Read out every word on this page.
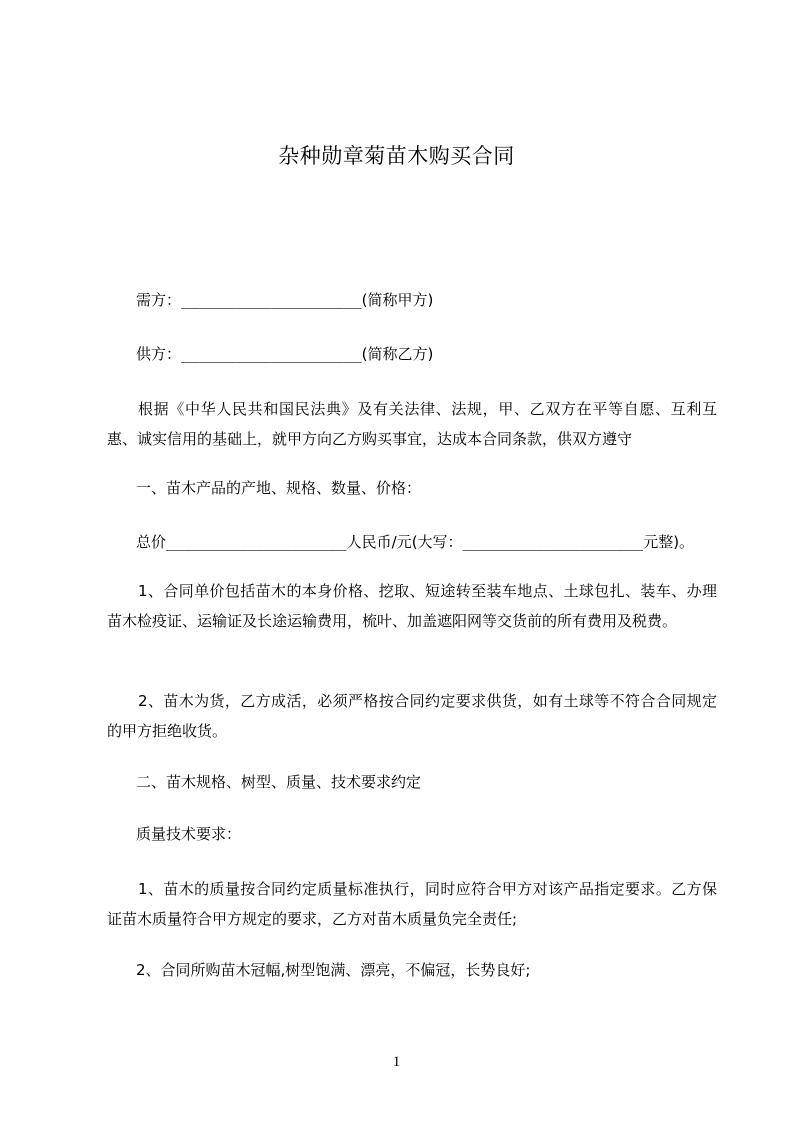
杂种勋章菊苗木购买合同
需方：____________________(简称甲方)
供方：____________________(简称乙方)
根据《中华人民共和国民法典》及有关法律、法规，甲、乙双方在平等自愿、互利互惠、诚实信用的基础上，就甲方向乙方购买事宜，达成本合同条款，供双方遵守
一、苗木产品的产地、规格、数量、价格：
总价____________________人民币/元(大写：____________________元整)。
1、合同单价包括苗木的本身价格、挖取、短途转至装车地点、土球包扎、装车、办理苗木检疫证、运输证及长途运输费用，梳叶、加盖遮阳网等交货前的所有费用及税费。
2、苗木为货，乙方成活，必须严格按合同约定要求供货，如有土球等不符合合同规定的甲方拒绝收货。
二、苗木规格、树型、质量、技术要求约定
质量技术要求：
1、苗木的质量按合同约定质量标准执行，同时应符合甲方对该产品指定要求。乙方保证苗木质量符合甲方规定的要求，乙方对苗木质量负完全责任;
2、合同所购苗木冠幅,树型饱满、漂亮，不偏冠，长势良好;
1
